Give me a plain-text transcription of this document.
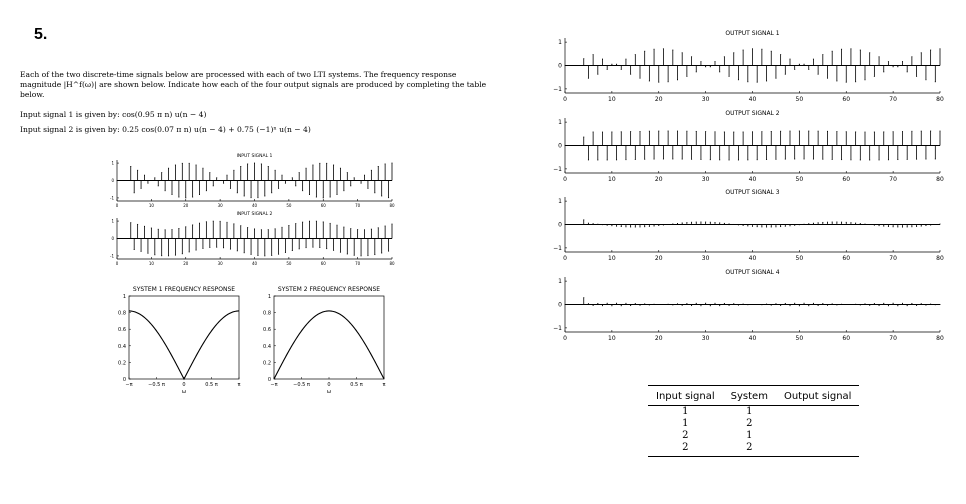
5.
Each of the two discrete-time signals below are processed with each of two LTI systems. The frequency response magnitude |H^f(ω)| are shown below. Indicate how each of the four output signals are produced by completing the table below.
Input signal 1 is given by: cos(0.95 π n) u(n − 4)
Input signal 2 is given by: 0.25 cos(0.07 π n) u(n − 4) + 0.75 (−1)ⁿ u(n − 4)
INPUT SIGNAL 1
1
0
-1
0	10	20	30	40	50	60	70	80
INPUT SIGNAL 2
1
0
-1
0	10	20	30	40	50	60	70	80
SYSTEM 1 FREQUENCY RESPONSE
0
0.2
0.4
0.6
0.8
1
−π	−0.5 π	0	0.5 π	π
ω
SYSTEM 2 FREQUENCY RESPONSE
0
0.2
0.4
0.6
0.8
1
−π	−0.5 π	0	0.5 π	π
ω
OUTPUT SIGNAL 1
1
0
−1
0	10	20	30	40	50	60	70	80
OUTPUT SIGNAL 2
1
0
−1
0	10	20	30	40	50	60	70	80
OUTPUT SIGNAL 3
1
0
−1
0	10	20	30	40	50	60	70	80
OUTPUT SIGNAL 4
1
0
−1
0	10	20	30	40	50	60	70	80
Input signal	System	Output signal
1	1	
1	2	
2	1	
2	2	
